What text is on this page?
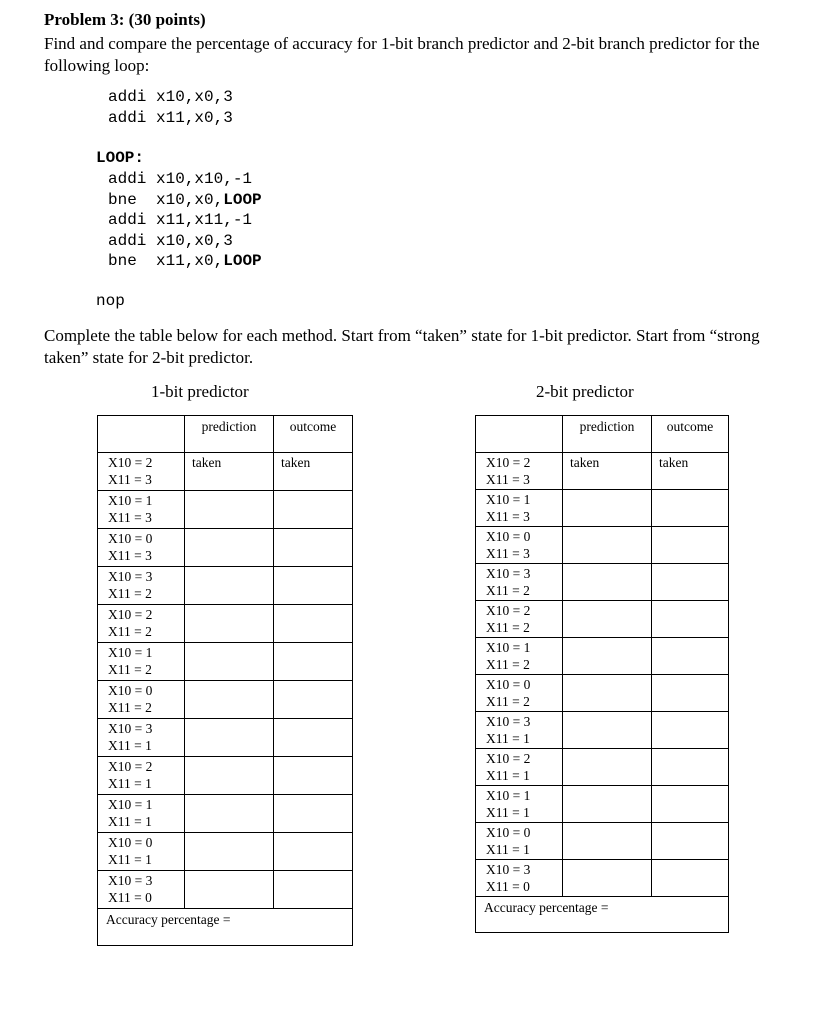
Problem 3: (30 points)
Find and compare the percentage of accuracy for 1-bit branch predictor and 2-bit branch predictor for the following loop:
addi x10,x0,3
addi x11,x0,3
LOOP:
addi x10,x10,-1
bne x10,x0,LOOP
addi x11,x11,-1
addi x10,x0,3
bne x11,x0,LOOP
nop
Complete the table below for each method. Start from “taken” state for 1-bit predictor. Start from “strong taken” state for 2-bit predictor.
1-bit predictor	2-bit predictor
	prediction	outcome

X10 = 2
X11 = 3	taken	taken

X10 = 1
X11 = 3		

X10 = 0
X11 = 3		

X10 = 3
X11 = 2		

X10 = 2
X11 = 2		

X10 = 1
X11 = 2		

X10 = 0
X11 = 2		

X10 = 3
X11 = 1		

X10 = 2
X11 = 1		

X10 = 1
X11 = 1		

X10 = 0
X11 = 1		

X10 = 3
X11 = 0		

Accuracy percentage =		
	prediction	outcome

X10 = 2
X11 = 3	taken	taken

X10 = 1
X11 = 3		

X10 = 0
X11 = 3		

X10 = 3
X11 = 2		

X10 = 2
X11 = 2		

X10 = 1
X11 = 2		

X10 = 0
X11 = 2		

X10 = 3
X11 = 1		

X10 = 2
X11 = 1		

X10 = 1
X11 = 1		

X10 = 0
X11 = 1		

X10 = 3
X11 = 0		

Accuracy percentage =		
